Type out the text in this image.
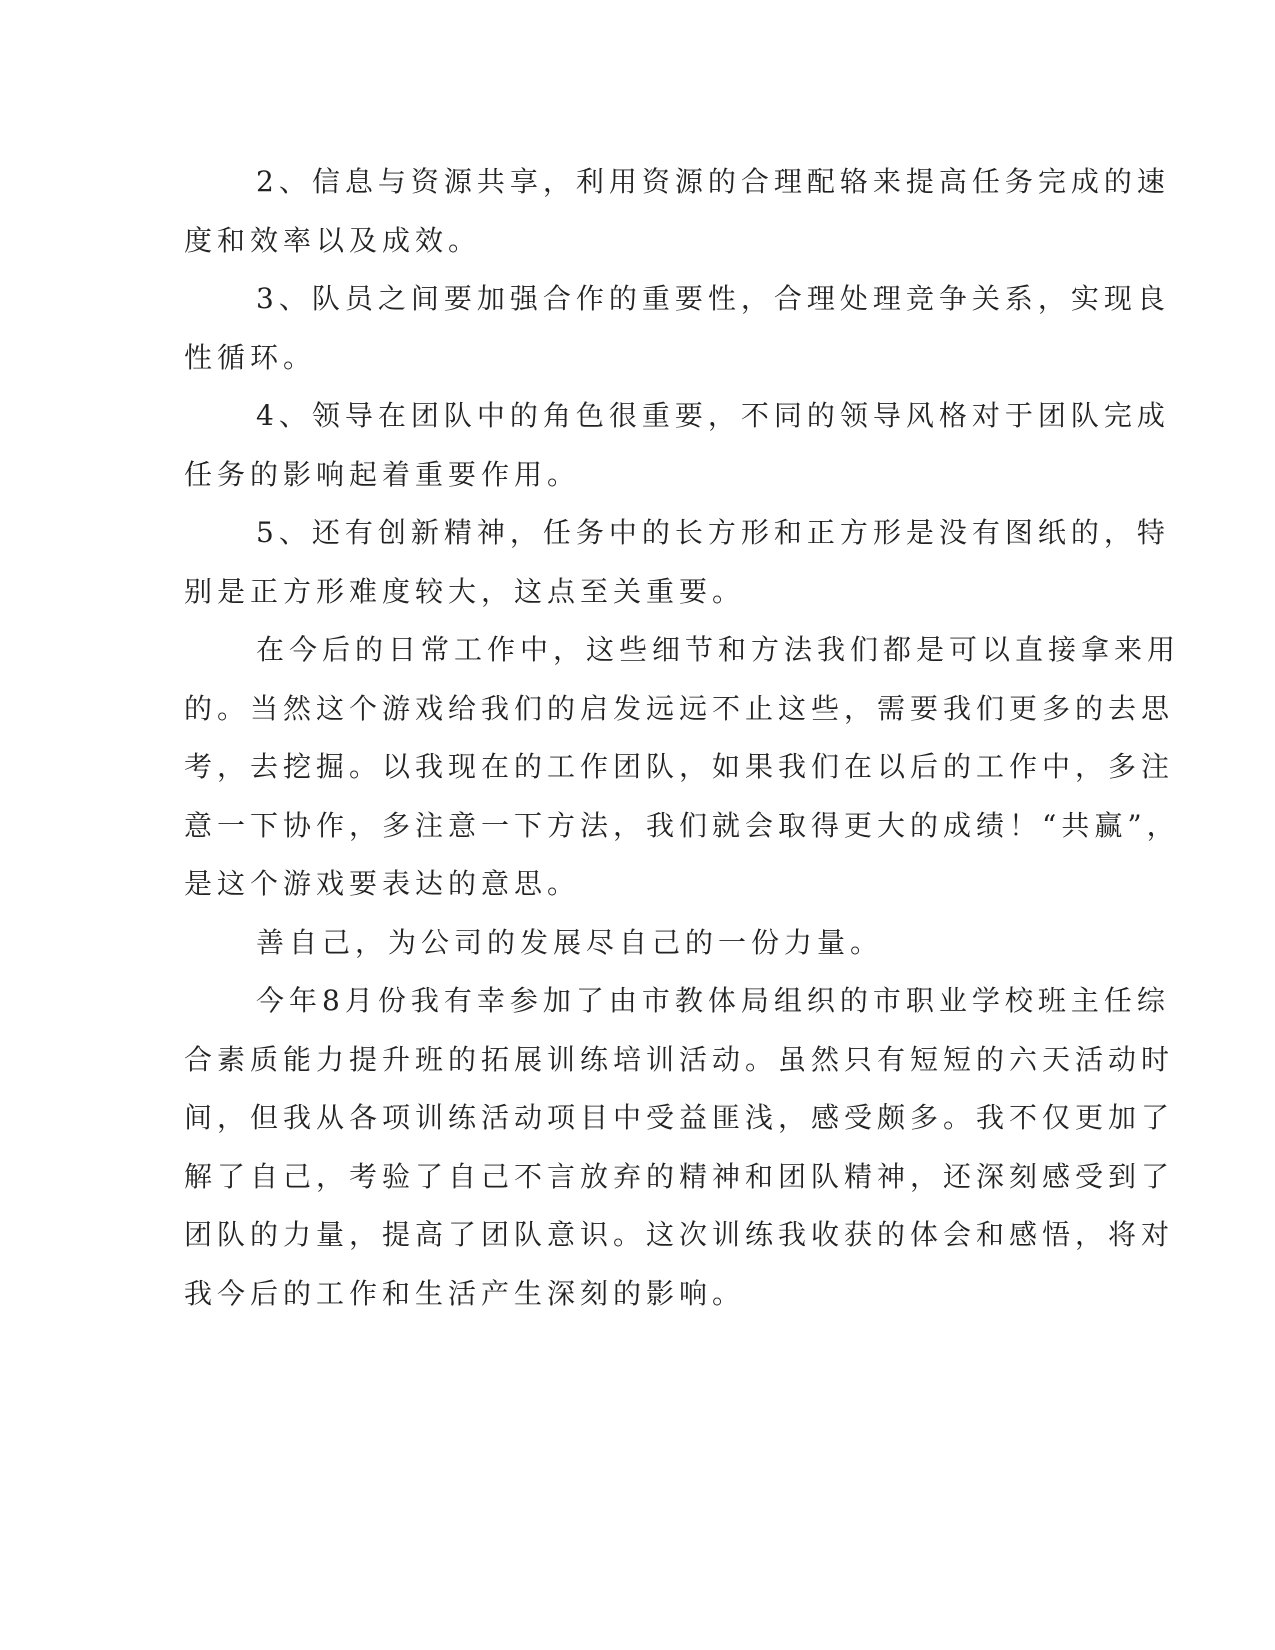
2、信息与资源共享，利用资源的合理配辂来提高任务完成的速
度和效率以及成效。
3、队员之间要加强合作的重要性，合理处理竞争关系，实现良
性循环。
4、领导在团队中的角色很重要，不同的领导风格对于团队完成
任务的影响起着重要作用。
5、还有创新精神，任务中的长方形和正方形是没有图纸的，特
别是正方形难度较大，这点至关重要。
在今后的日常工作中，这些细节和方法我们都是可以直接拿来用
的。当然这个游戏给我们的启发远远不止这些，需要我们更多的去思
考，去挖掘。以我现在的工作团队，如果我们在以后的工作中，多注
意一下协作，多注意一下方法，我们就会取得更大的成绩！“共赢”，
是这个游戏要表达的意思。
善自己，为公司的发展尽自己的一份力量。
今年8月份我有幸参加了由市教体局组织的市职业学校班主任综
合素质能力提升班的拓展训练培训活动。虽然只有短短的六天活动时
间，但我从各项训练活动项目中受益匪浅，感受颇多。我不仅更加了
解了自己，考验了自己不言放弃的精神和团队精神，还深刻感受到了
团队的力量，提高了团队意识。这次训练我收获的体会和感悟，将对
我今后的工作和生活产生深刻的影响。
